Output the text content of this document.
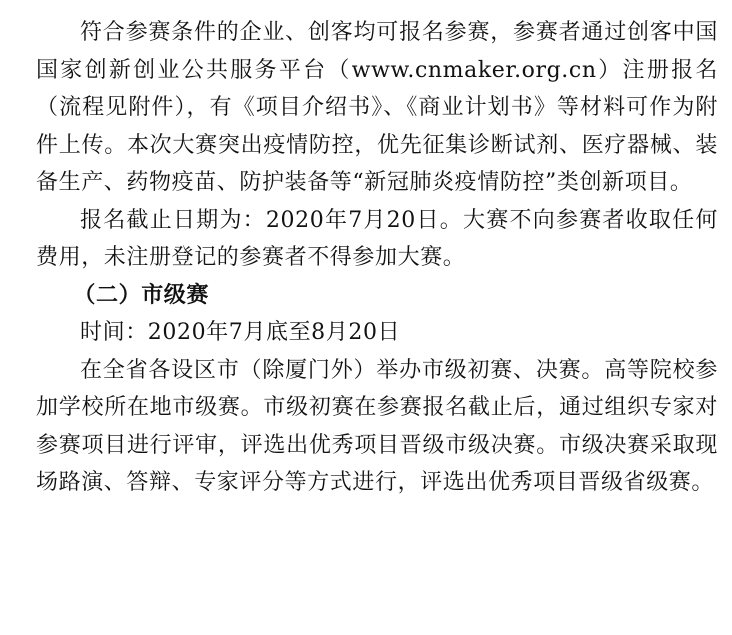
符合参赛条件的企业、创客均可报名参赛，参赛者通过创客中国国家创新创业公共服务平台（www.cnmaker.org.cn）注册报名（流程见附件），有《项目介绍书》、《商业计划书》等材料可作为附件上传。本次大赛突出疫情防控，优先征集诊断试剂、医疗器械、装备生产、药物疫苗、防护装备等“新冠肺炎疫情防控”类创新项目。

报名截止日期为：2020年7月20日。大赛不向参赛者收取任何费用，未注册登记的参赛者不得参加大赛。

（二）市级赛

时间：2020年7月底至8月20日

在全省各设区市（除厦门外）举办市级初赛、决赛。高等院校参加学校所在地市级赛。市级初赛在参赛报名截止后，通过组织专家对参赛项目进行评审，评选出优秀项目晋级市级决赛。市级决赛采取现场路演、答辩、专家评分等方式进行，评选出优秀项目晋级省级赛。
